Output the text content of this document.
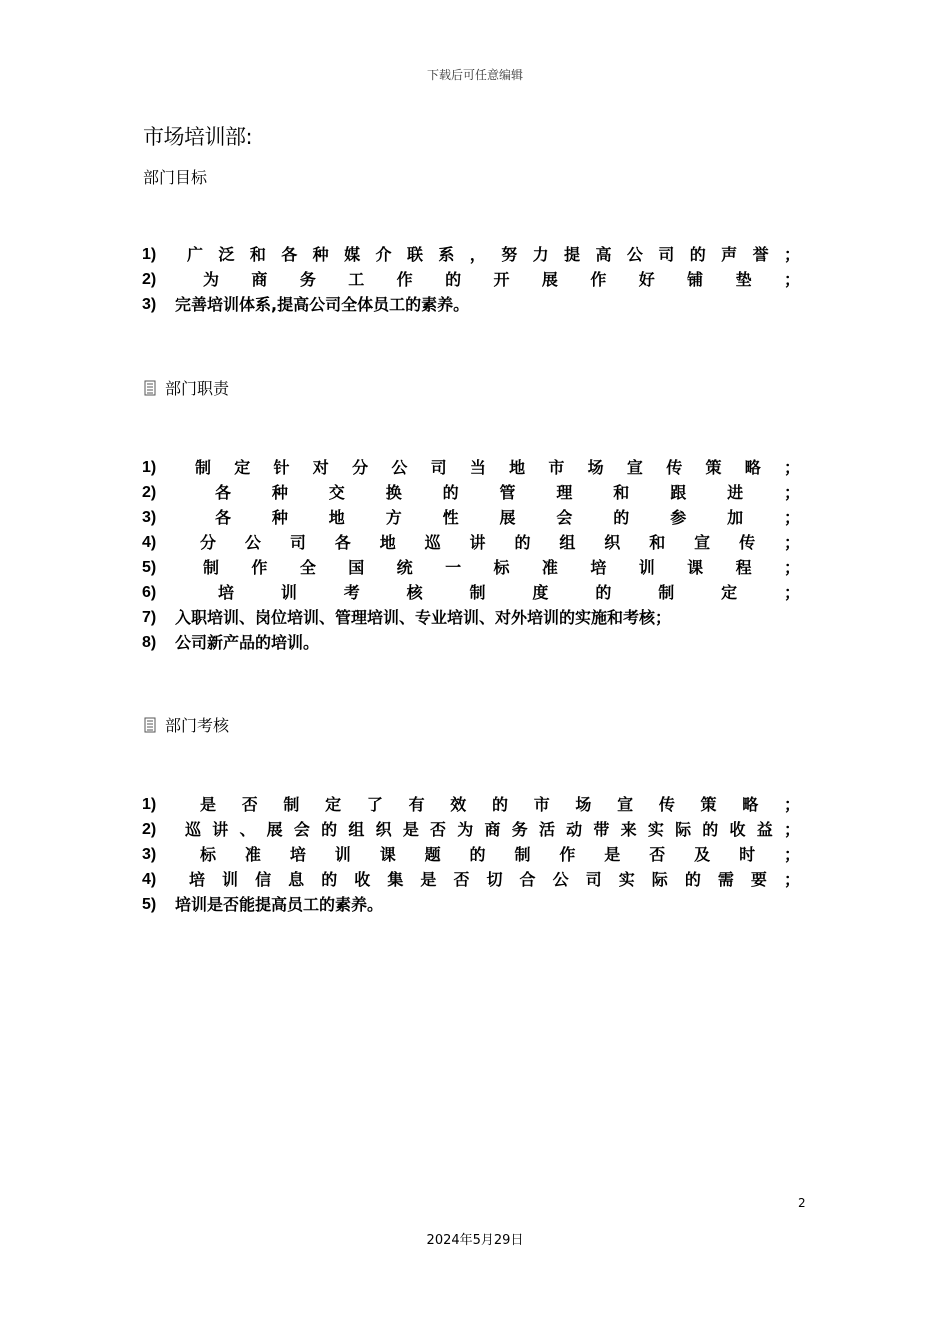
下载后可任意编辑
市场培训部:
部门目标
1)	广泛和各种媒介联系，努力提高公司的声誉；
2)	为商务工作的开展作好铺垫；
3)	完善培训体系,提高公司全体员工的素养。
部门职责
1)	制定针对分公司当地市场宣传策略；
2)	各种交换的管理和跟进；
3)	各种地方性展会的参加；
4)	分公司各地巡讲的组织和宣传；
5)	制作全国统一标准培训课程；
6)	培训考核制度的制定；
7)	入职培训、岗位培训、管理培训、专业培训、对外培训的实施和考核；
8)	公司新产品的培训。
部门考核
1)	是否制定了有效的市场宣传策略；
2)	巡讲、展会的组织是否为商务活动带来实际的收益；
3)	标准培训课题的制作是否及时；
4)	培训信息的收集是否切合公司实际的需要；
5)	培训是否能提高员工的素养。
2
2024年5月29日
